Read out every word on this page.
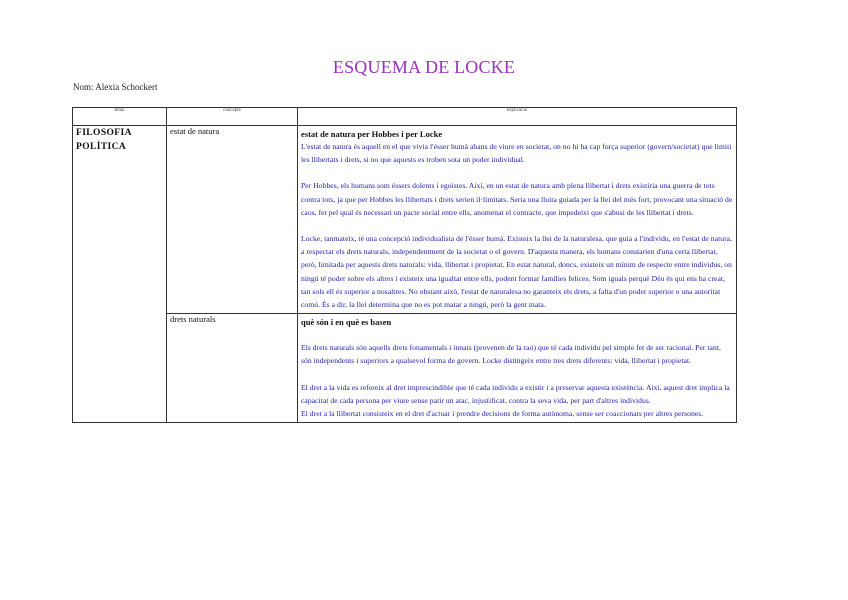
ESQUEMA DE LOCKE
Nom: Alexia Schockert
tema	concepte	explicació
FILOSOFIA POLÍTICA	estat de natura	estat de natura per Hobbes i per Locke

L'estat de natura és aquell en el que vivia l'ésser humà abans de viure en societat, on no hi ha cap força superior (govern/societat) que limiti les llibertats i drets, si no que aquests es troben sota un poder individual.

Per Hobbes, els humans som éssers dolents i egoistes. Així, en un estat de natura amb plena llibertat i drets existiria una guerra de tots contra tots, ja que per Hobbes les llibertats i drets serien il·limitats. Seria una lluita guiada per la llei del més fort, provocant una situació de caos, fet pel qual és necessari un pacte social entre ells, anomenat el contracte, que impedeixi que s'abusi de les llibertat i drets.

Locke, tanmateix, té una concepció individualista de l'ésser humà. Existeix la llei de la naturalesa, que guia a l'individu, en l'estat de natura, a respectar els drets naturals, independentment de la societat o el govern. D'aquesta manera, els humans constarien d'una certa llibertat, però, limitada per aquests drets naturals: vida, llibertat i propietat. En estat natural, doncs, existeix un mínim de respecte entre individus, on ningú té poder sobre els altres i existeix una igualtat entre ells, podent formar famílies felices. Som iguals perquè Déu és qui ens ha creat, tan sols ell és superior a nosaltres. No obstant això, l'estat de naturalesa no garanteix els drets, a falta d'un poder superior o una autoritat comú. És a dir, la llei determina que no es pot matar a ningú, però la gent mata.

	drets naturals	què són i en què es basen

Els drets naturals són aquells drets fonamentals i innats (provenen de la raó) que té cada individu pel simple fet de ser racional. Per tant, són independents i superiors a qualsevol forma de govern. Locke distingeix entre tres drets diferents: vida, llibertat i propietat.

El dret a la vida es refereix al dret imprescindible que té cada individu a existir i a preservar aquesta existència. Així, aquest dret implica la capacitat de cada persona per viure sense patir un atac, injustificat, contra la seva vida, per part d'altres individus.

El dret a la llibertat consisteix en el dret d'actuar i prendre decisions de forma autònoma, sense ser coaccionats per altres persones.
